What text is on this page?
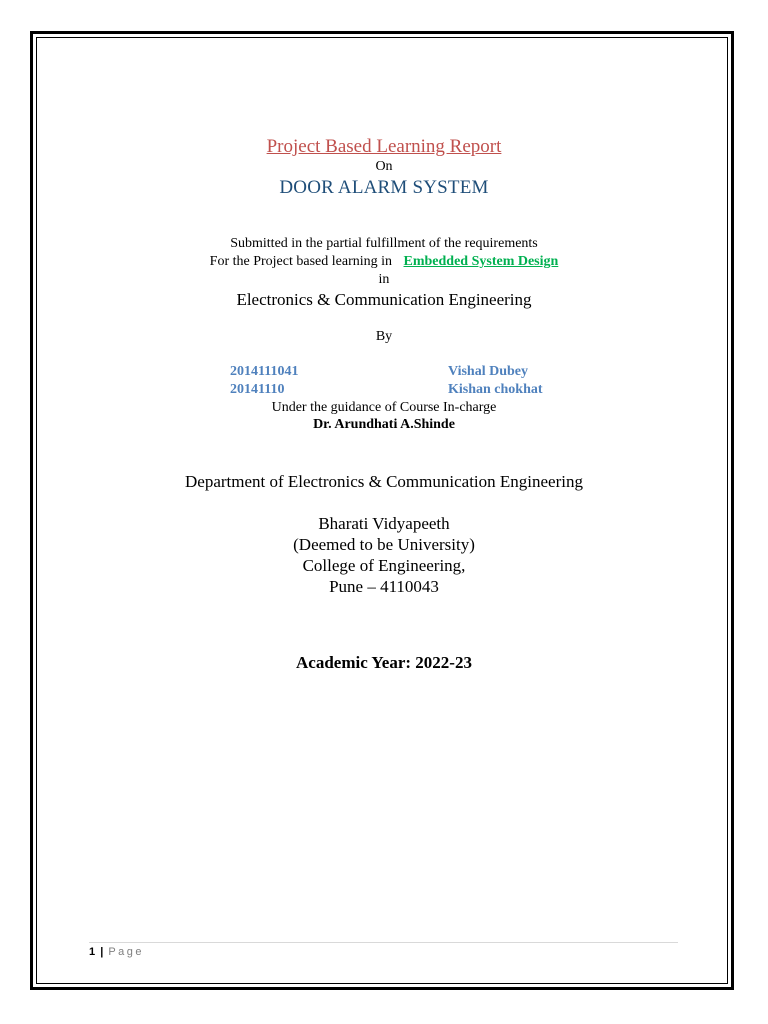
Project Based Learning Report
On
DOOR ALARM SYSTEM
Submitted in the partial fulfillment of the requirements
For the Project based learning in Embedded System Design
in
Electronics & Communication Engineering
By
2014111041	Vishal Dubey
20141110	Kishan chokhat
Under the guidance of Course In-charge
Dr. Arundhati A.Shinde
Department of Electronics & Communication Engineering
Bharati Vidyapeeth
(Deemed to be University)
College of Engineering,
Pune – 4110043
Academic Year: 2022-23
1 | Page
